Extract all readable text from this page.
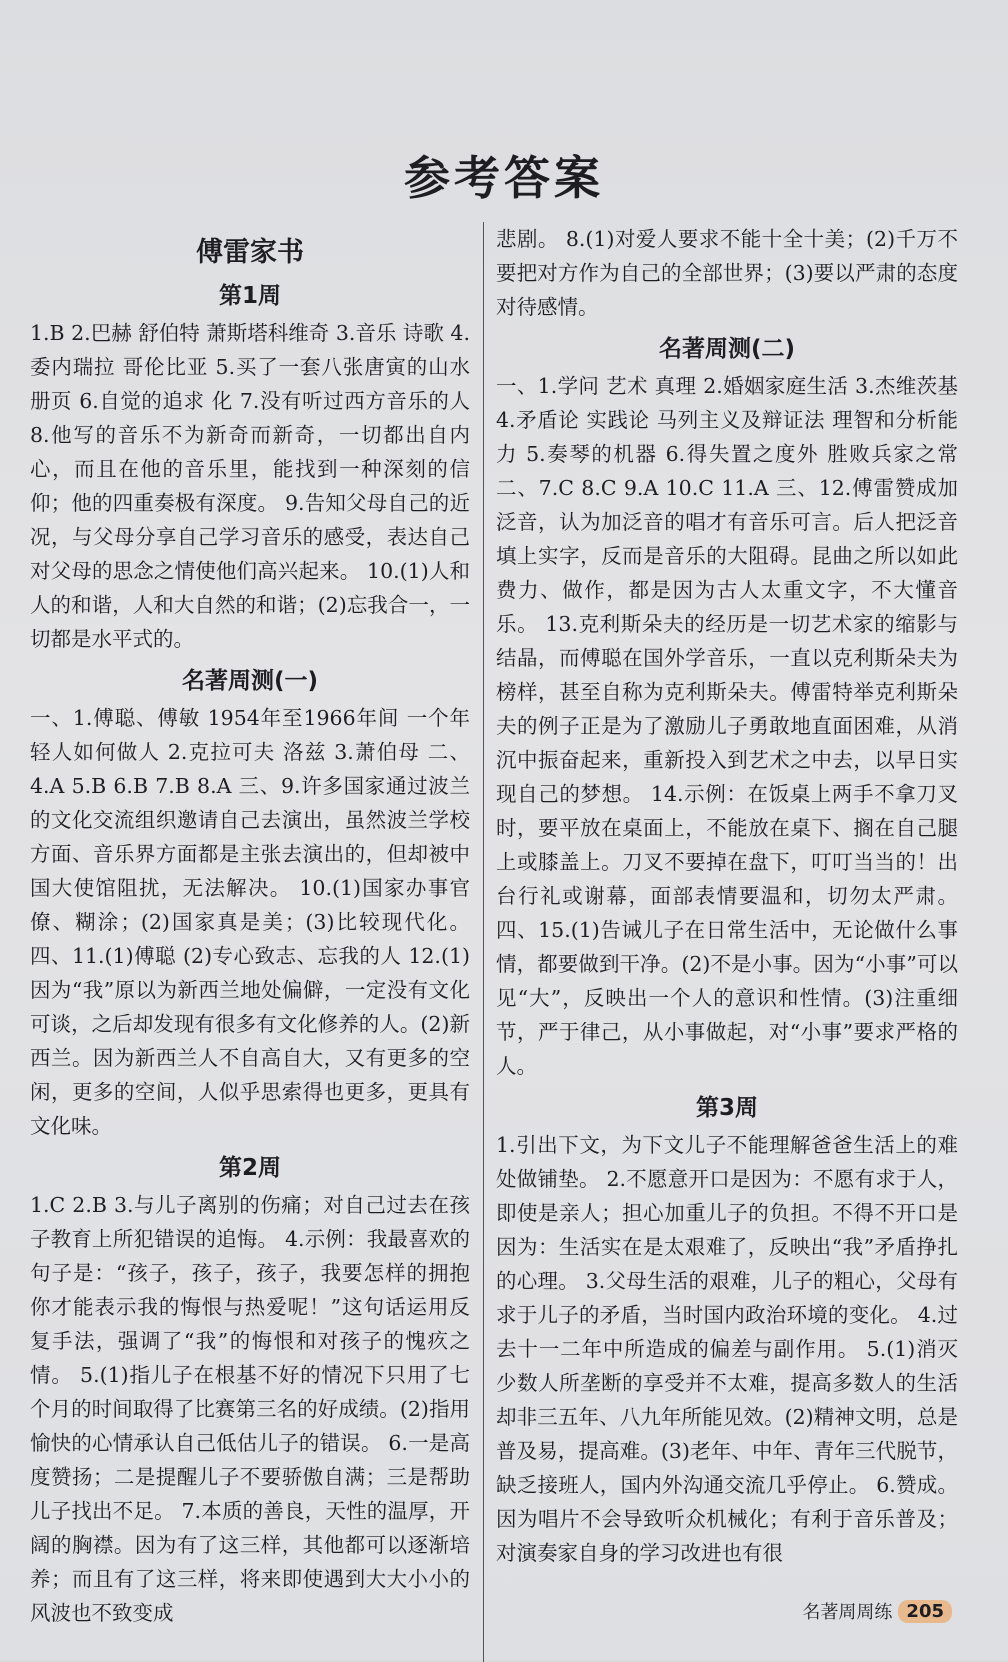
参考答案
傅雷家书
第1周

1.B 2.巴赫 舒伯特 萧斯塔科维奇 3.音乐 诗歌 4.委内瑞拉 哥伦比亚 5.买了一套八张唐寅的山水册页 6.自觉的追求 化 7.没有听过西方音乐的人 8.他写的音乐不为新奇而新奇，一切都出自内心，而且在他的音乐里，能找到一种深刻的信仰；他的四重奏极有深度。 9.告知父母自己的近况，与父母分享自己学习音乐的感受，表达自己对父母的思念之情使他们高兴起来。 10.(1)人和人的和谐，人和大自然的和谐；(2)忘我合一，一切都是水平式的。

名著周测(一)

一、1.傅聪、傅敏 1954年至1966年间 一个年轻人如何做人 2.克拉可夫 洛兹 3.萧伯母 二、4.A 5.B 6.B 7.B 8.A 三、9.许多国家通过波兰的文化交流组织邀请自己去演出，虽然波兰学校方面、音乐界方面都是主张去演出的，但却被中国大使馆阻扰，无法解决。 10.(1)国家办事官僚、糊涂；(2)国家真是美；(3)比较现代化。 四、11.(1)傅聪 (2)专心致志、忘我的人 12.(1)因为“我”原以为新西兰地处偏僻，一定没有文化可谈，之后却发现有很多有文化修养的人。(2)新西兰。因为新西兰人不自高自大，又有更多的空闲，更多的空间，人似乎思索得也更多，更具有文化味。

第2周

1.C 2.B 3.与儿子离别的伤痛；对自己过去在孩子教育上所犯错误的追悔。 4.示例：我最喜欢的句子是：“孩子，孩子，孩子，我要怎样的拥抱你才能表示我的悔恨与热爱呢！”这句话运用反复手法，强调了“我”的悔恨和对孩子的愧疚之情。 5.(1)指儿子在根基不好的情况下只用了七个月的时间取得了比赛第三名的好成绩。(2)指用愉快的心情承认自己低估儿子的错误。 6.一是高度赞扬；二是提醒儿子不要骄傲自满；三是帮助儿子找出不足。 7.本质的善良，天性的温厚，开阔的胸襟。因为有了这三样，其他都可以逐渐培养；而且有了这三样，将来即使遇到大大小小的风波也不致变成

悲剧。 8.(1)对爱人要求不能十全十美；(2)千万不要把对方作为自己的全部世界；(3)要以严肃的态度对待感情。

名著周测(二)

一、1.学问 艺术 真理 2.婚姻家庭生活 3.杰维茨基 4.矛盾论 实践论 马列主义及辩证法 理智和分析能力 5.奏琴的机器 6.得失置之度外 胜败兵家之常 二、7.C 8.C 9.A 10.C 11.A 三、12.傅雷赞成加泛音，认为加泛音的唱才有音乐可言。后人把泛音填上实字，反而是音乐的大阻碍。昆曲之所以如此费力、做作，都是因为古人太重文字，不大懂音乐。 13.克利斯朵夫的经历是一切艺术家的缩影与结晶，而傅聪在国外学音乐，一直以克利斯朵夫为榜样，甚至自称为克利斯朵夫。傅雷特举克利斯朵夫的例子正是为了激励儿子勇敢地直面困难，从消沉中振奋起来，重新投入到艺术之中去，以早日实现自己的梦想。 14.示例：在饭桌上两手不拿刀叉时，要平放在桌面上，不能放在桌下、搁在自己腿上或膝盖上。刀叉不要掉在盘下，叮叮当当的！出台行礼或谢幕，面部表情要温和，切勿太严肃。 四、15.(1)告诫儿子在日常生活中，无论做什么事情，都要做到干净。(2)不是小事。因为“小事”可以见“大”，反映出一个人的意识和性情。(3)注重细节，严于律己，从小事做起，对“小事”要求严格的人。

第3周

1.引出下文，为下文儿子不能理解爸爸生活上的难处做铺垫。 2.不愿意开口是因为：不愿有求于人，即使是亲人；担心加重儿子的负担。不得不开口是因为：生活实在是太艰难了，反映出“我”矛盾挣扎的心理。 3.父母生活的艰难，儿子的粗心，父母有求于儿子的矛盾，当时国内政治环境的变化。 4.过去十一二年中所造成的偏差与副作用。 5.(1)消灭少数人所垄断的享受并不太难，提高多数人的生活却非三五年、八九年所能见效。(2)精神文明，总是普及易，提高难。(3)老年、中年、青年三代脱节，缺乏接班人，国内外沟通交流几乎停止。 6.赞成。因为唱片不会导致听众机械化；有利于音乐普及；对演奏家自身的学习改进也有很

名著周周练 205
